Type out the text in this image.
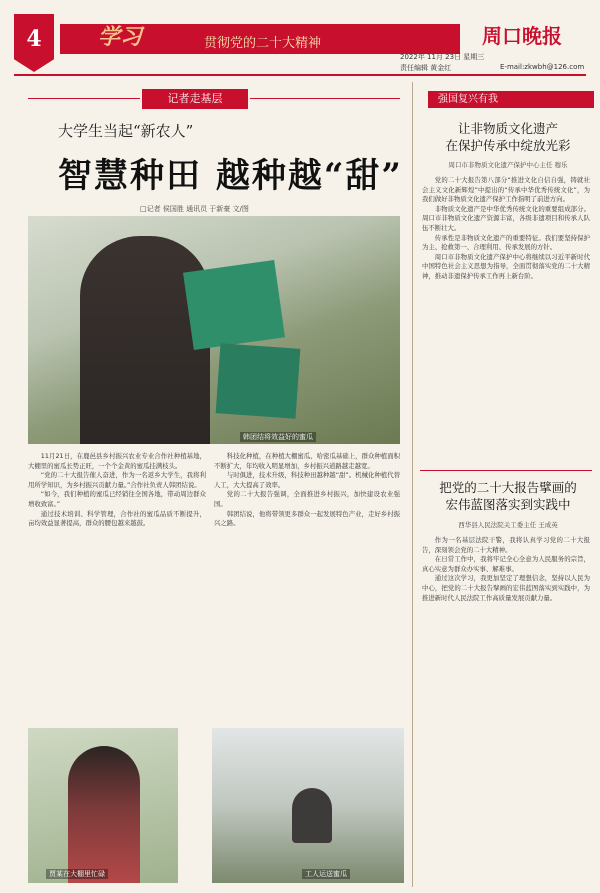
4	学习	贯彻党的二十大精神	周口晚报
2022年 11月 23日 星期三
责任编辑 黄金红	E-mail:zkwbh@126.com
记者走基层
大学生当起“新农人”
智慧种田 越种越“甜”
□记者 侯国胜 通讯员 于新豪 文/图
韩团结将效益好的蜜瓜

11月21日，在鹿邑县乡村振兴农业专业合作社种植基地，大棚里的蜜瓜长势正旺，一个个金黄的蜜瓜挂满枝头。

“党的二十大报告催人奋进，作为一名返乡大学生，我将利用所学知识，为乡村振兴贡献力量。”合作社负责人韩团结说。

“如今，我们种植的蜜瓜已经销往全国各地，带动周边群众增收致富。”

通过技术培训、科学管理，合作社的蜜瓜品质不断提升，亩均效益显著提高，群众的腰包越来越鼓。

科技化种植，在种植大棚蜜瓜、哈密瓜基础上，群众种植面积不断扩大，年均收入明显增加，乡村振兴道路越走越宽。

与时俱进，技术升级，科技种田越种越“甜”。机械化种植代替人工，大大提高了效率。

党的二十大报告强调，全面推进乡村振兴，加快建设农业强国。

韩团结说，他将带领更多群众一起发展特色产业，走好乡村振兴之路。

贾某在大棚里忙碌	工人运送蜜瓜
强国复兴有我
让非物质文化遗产
在保护传承中绽放光彩
周口市非物质文化遗产保护中心主任 穆乐

党的二十大报告第八部分“推进文化自信自强，铸就社会主义文化新辉煌”中提出的“传承中华优秀传统文化”，为我们做好非物质文化遗产保护工作指明了前进方向。

非物质文化遗产是中华优秀传统文化的重要组成部分。周口市非物质文化遗产资源丰富，各级非遗项目和传承人队伍不断壮大。

传承性是非物质文化遗产的重要特征。我们要坚持保护为主、抢救第一、合理利用、传承发展的方针。

周口市非物质文化遗产保护中心将继续以习近平新时代中国特色社会主义思想为指导，全面贯彻落实党的二十大精神，推动非遗保护传承工作再上新台阶。

把党的二十大报告擘画的
宏伟蓝图落实到实践中
西华县人民法院关工委主任 王成英

作为一名基层法院干警，我将认真学习党的二十大报告，深刻领会党的二十大精神。

在日常工作中，我将牢记全心全意为人民服务的宗旨，真心实意为群众办实事、解难事。

通过这次学习，我更加坚定了理想信念，坚持以人民为中心，把党的二十大报告擘画的宏伟蓝图落实到实践中，为推进新时代人民法院工作高质量发展贡献力量。
